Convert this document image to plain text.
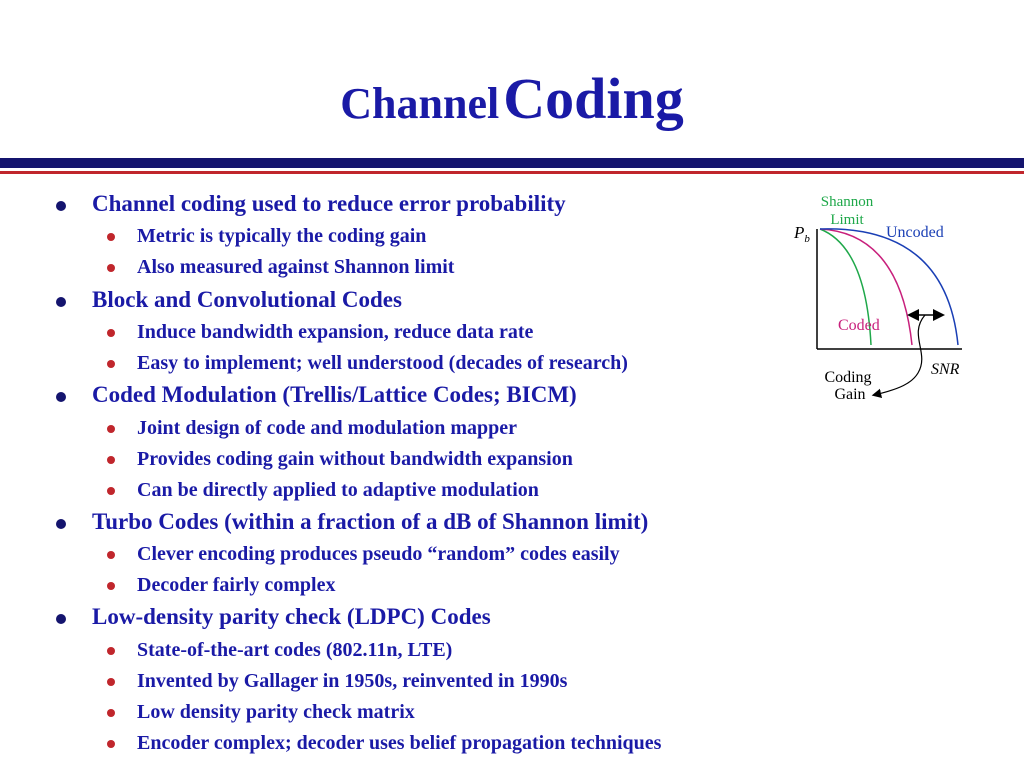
Channel Coding
Channel coding used to reduce error probability
Metric is typically the coding gain
Also measured against Shannon limit
Block and Convolutional Codes
Induce bandwidth expansion, reduce data rate
Easy to implement; well understood (decades of research)
Coded Modulation (Trellis/Lattice Codes; BICM)
Joint design of code and modulation mapper
Provides coding gain without bandwidth expansion
Can be directly applied to adaptive modulation
Turbo Codes (within a fraction of a dB of Shannon limit)
Clever encoding produces pseudo “random” codes easily
Decoder fairly complex
Low-density parity check (LDPC) Codes
State-of-the-art codes (802.11n, LTE)
Invented by Gallager in 1950s, reinvented in 1990s
Low density parity check matrix
Encoder complex; decoder uses belief propagation techniques
Shannon
Limit
Uncoded
Coded
$P_b$
SNR
Coding
Gain
